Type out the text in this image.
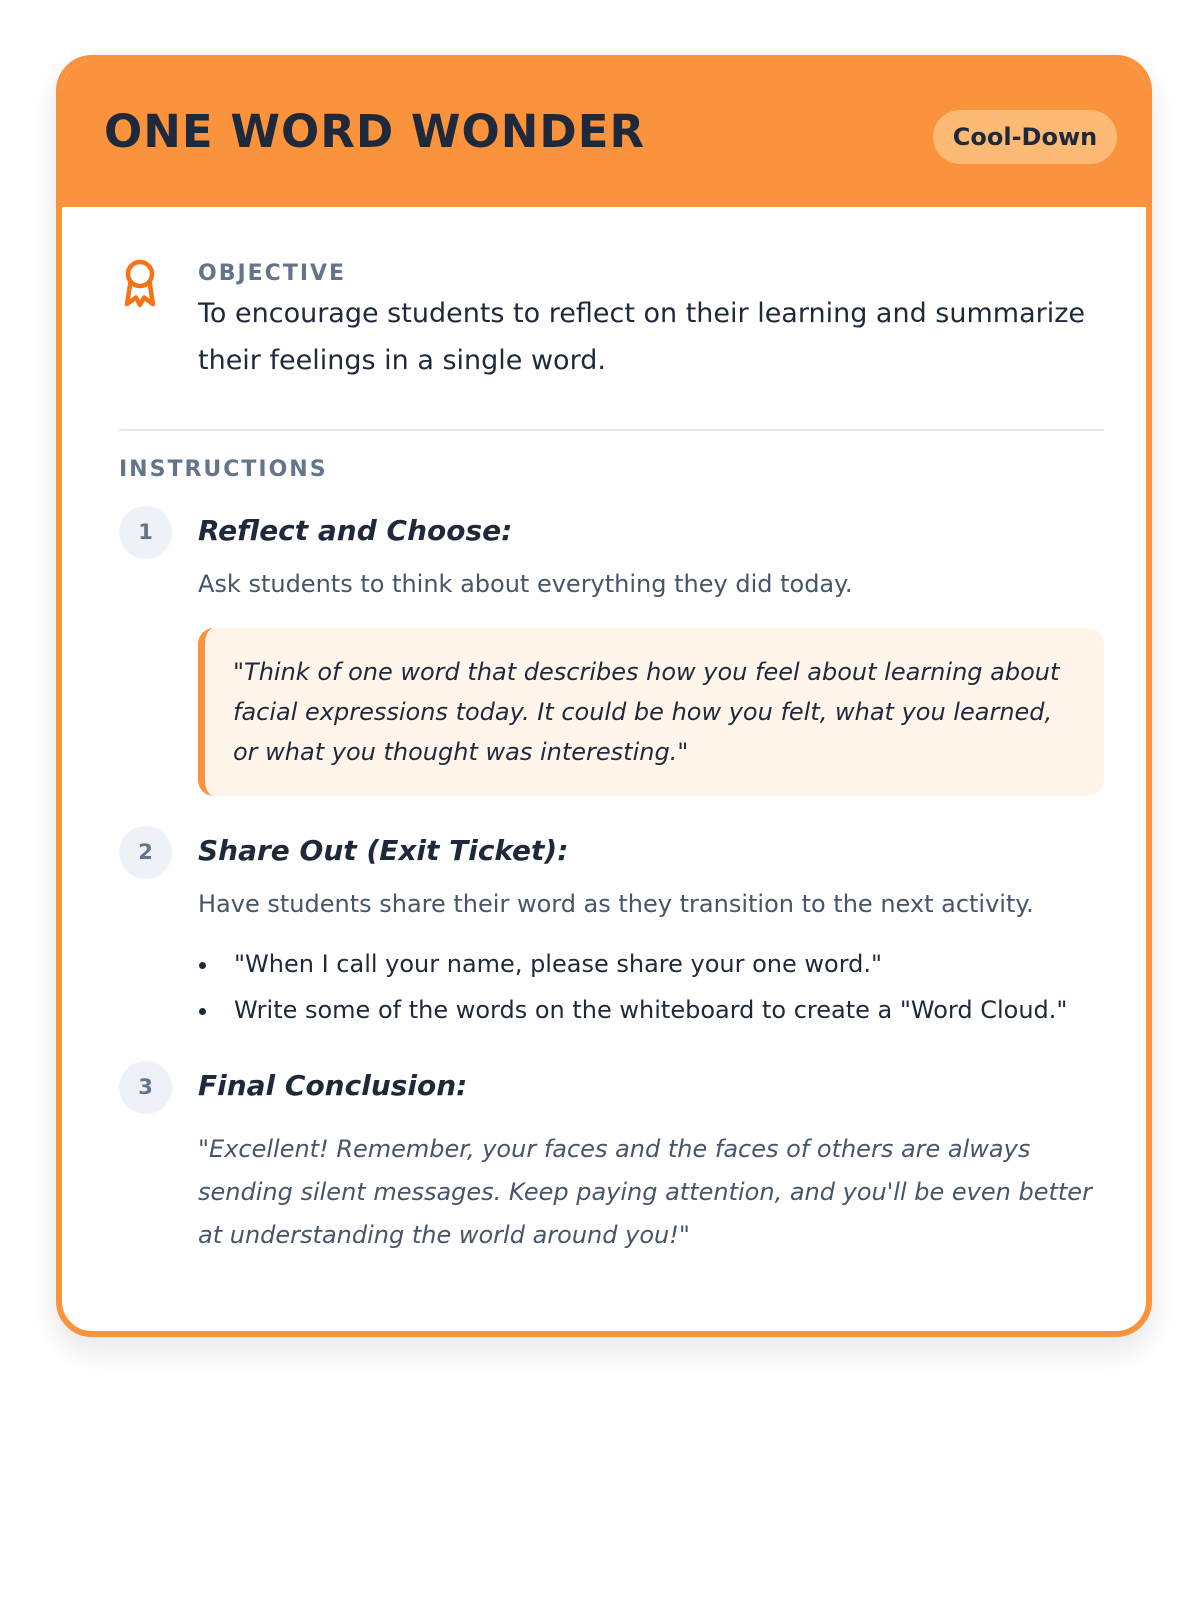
ONE WORD WONDER	Cool-Down

OBJECTIVE

To encourage students to reflect on their learning and summarize their feelings in a single word.

INSTRUCTIONS

1	Reflect and Choose:

Ask students to think about everything they did today.

"Think of one word that describes how you feel about learning about facial expressions today. It could be how you felt, what you learned, or what you thought was interesting."

2	Share Out (Exit Ticket):

Have students share their word as they transition to the next activity.

"When I call your name, please share your one word."
Write some of the words on the whiteboard to create a "Word Cloud."
3	Final Conclusion:

"Excellent! Remember, your faces and the faces of others are always sending silent messages. Keep paying attention, and you'll be even better at understanding the world around you!"
